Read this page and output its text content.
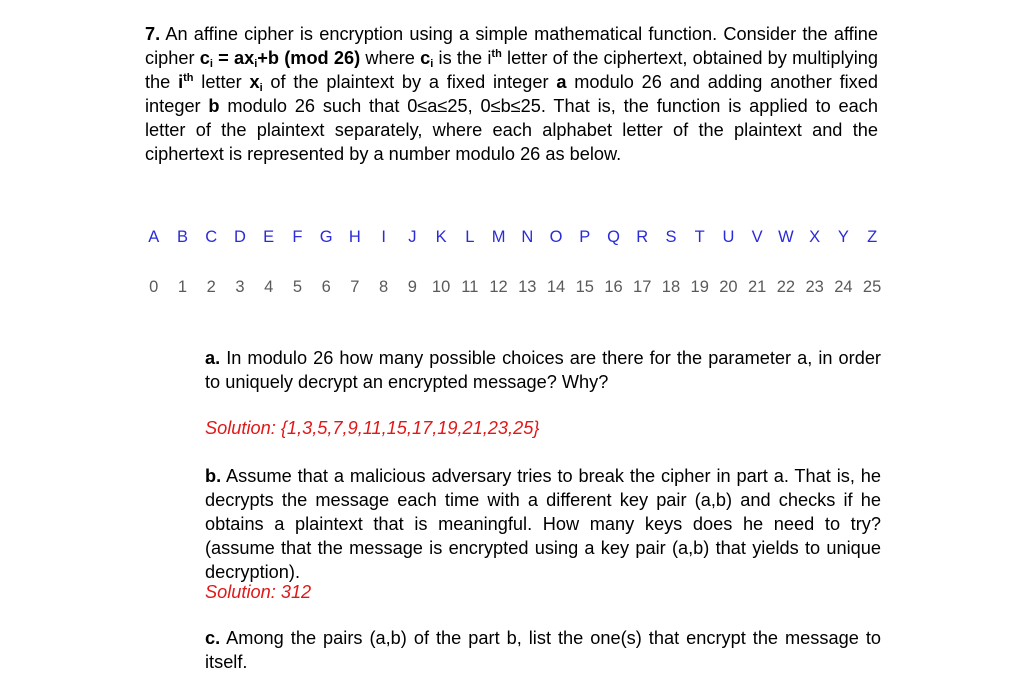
7. An affine cipher is encryption using a simple mathematical function. Consider the affine cipher $c_i = ax_i+b$ (mod 26) where $c_i$ is the $i^{th}$ letter of the ciphertext, obtained by multiplying the $i^{th}$ letter $x_i$ of the plaintext by a fixed integer a modulo 26 and adding another fixed integer b modulo 26 such that 0≤a≤25, 0≤b≤25. That is, the function is applied to each letter of the plaintext separately, where each alphabet letter of the plaintext and the ciphertext is represented by a number modulo 26 as below.

A	B	C	D	E	F	G H	I	J	K	L	M N O	P	Q R	S	T	U	V W X	Y	Z
0	1	2	3	4	5	6	7	8	9 10 11 12 13 14 15 16 17 18 19 20 21 22 23 24 25

a. In modulo 26 how many possible choices are there for the parameter a, in order to uniquely decrypt an encrypted message? Why?

Solution: {1,3,5,7,9,11,15,17,19,21,23,25}

b. Assume that a malicious adversary tries to break the cipher in part a. That is, he decrypts the message each time with a different key pair (a,b) and checks if he obtains a plaintext that is meaningful. How many keys does he need to try? (assume that the message is encrypted using a key pair (a,b) that yields to unique decryption).

Solution: 312

c. Among the pairs (a,b) of the part b, list the one(s) that encrypt the message to itself.
